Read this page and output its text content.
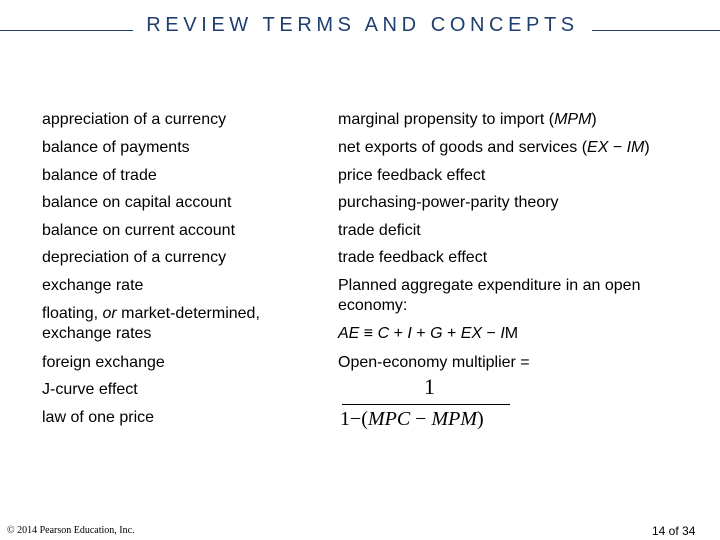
REVIEW TERMS AND CONCEPTS
appreciation of a currency
balance of payments
balance of trade
balance on capital account
balance on current account
depreciation of a currency
exchange rate
floating, or market-determined,
exchange rates
foreign exchange
J-curve effect
law of one price
marginal propensity to import (MPM)
net exports of goods and services (EX − IM)
price feedback effect
purchasing-power-parity theory
trade deficit
trade feedback effect
Planned aggregate expenditure in an open
economy:
AE ≡ C + I + G + EX − IM
Open-economy multiplier =
1
1−(MPC − MPM)
© 2014 Pearson Education, Inc.	14 of 34
